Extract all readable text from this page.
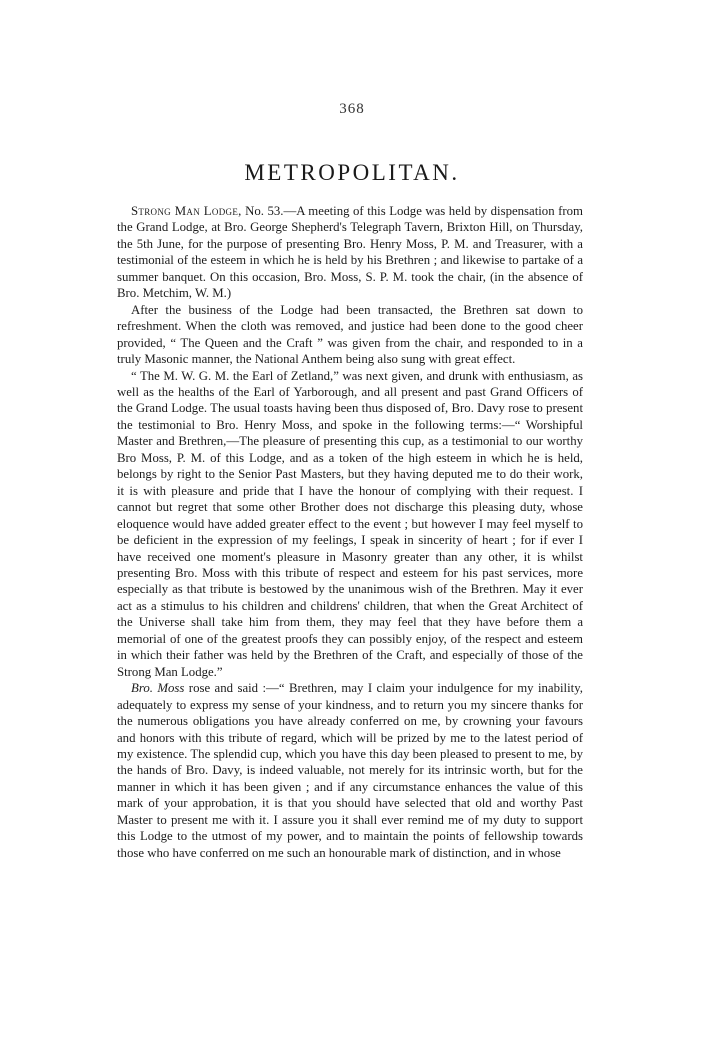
368
METROPOLITAN.

Strong Man Lodge, No. 53.—A meeting of this Lodge was held by dispensation from the Grand Lodge, at Bro. George Shepherd's Telegraph Tavern, Brixton Hill, on Thursday, the 5th June, for the purpose of presenting Bro. Henry Moss, P. M. and Treasurer, with a testimonial of the esteem in which he is held by his Brethren ; and likewise to partake of a summer banquet. On this occasion, Bro. Moss, S. P. M. took the chair, (in the absence of Bro. Metchim, W. M.)

After the business of the Lodge had been transacted, the Brethren sat down to refreshment. When the cloth was removed, and justice had been done to the good cheer provided, “ The Queen and the Craft ” was given from the chair, and responded to in a truly Masonic manner, the National Anthem being also sung with great effect.

“ The M. W. G. M. the Earl of Zetland,” was next given, and drunk with enthusiasm, as well as the healths of the Earl of Yarborough, and all present and past Grand Officers of the Grand Lodge. The usual toasts having been thus disposed of, Bro. Davy rose to present the testimonial to Bro. Henry Moss, and spoke in the following terms:—“ Worshipful Master and Brethren,—The pleasure of presenting this cup, as a testimonial to our worthy Bro Moss, P. M. of this Lodge, and as a token of the high esteem in which he is held, belongs by right to the Senior Past Masters, but they having deputed me to do their work, it is with pleasure and pride that I have the honour of complying with their request. I cannot but regret that some other Brother does not discharge this pleasing duty, whose eloquence would have added greater effect to the event ; but however I may feel myself to be deficient in the expression of my feelings, I speak in sincerity of heart ; for if ever I have received one moment's pleasure in Masonry greater than any other, it is whilst presenting Bro. Moss with this tribute of respect and esteem for his past services, more especially as that tribute is bestowed by the unanimous wish of the Brethren. May it ever act as a stimulus to his children and childrens' children, that when the Great Architect of the Universe shall take him from them, they may feel that they have before them a memorial of one of the greatest proofs they can possibly enjoy, of the respect and esteem in which their father was held by the Brethren of the Craft, and especially of those of the Strong Man Lodge.”

Bro. Moss rose and said :—“ Brethren, may I claim your indulgence for my inability, adequately to express my sense of your kindness, and to return you my sincere thanks for the numerous obligations you have already conferred on me, by crowning your favours and honors with this tribute of regard, which will be prized by me to the latest period of my existence. The splendid cup, which you have this day been pleased to present to me, by the hands of Bro. Davy, is indeed valuable, not merely for its intrinsic worth, but for the manner in which it has been given ; and if any circumstance enhances the value of this mark of your approbation, it is that you should have selected that old and worthy Past Master to present me with it. I assure you it shall ever remind me of my duty to support this Lodge to the utmost of my power, and to maintain the points of fellowship towards those who have conferred on me such an honourable mark of distinction, and in whose
